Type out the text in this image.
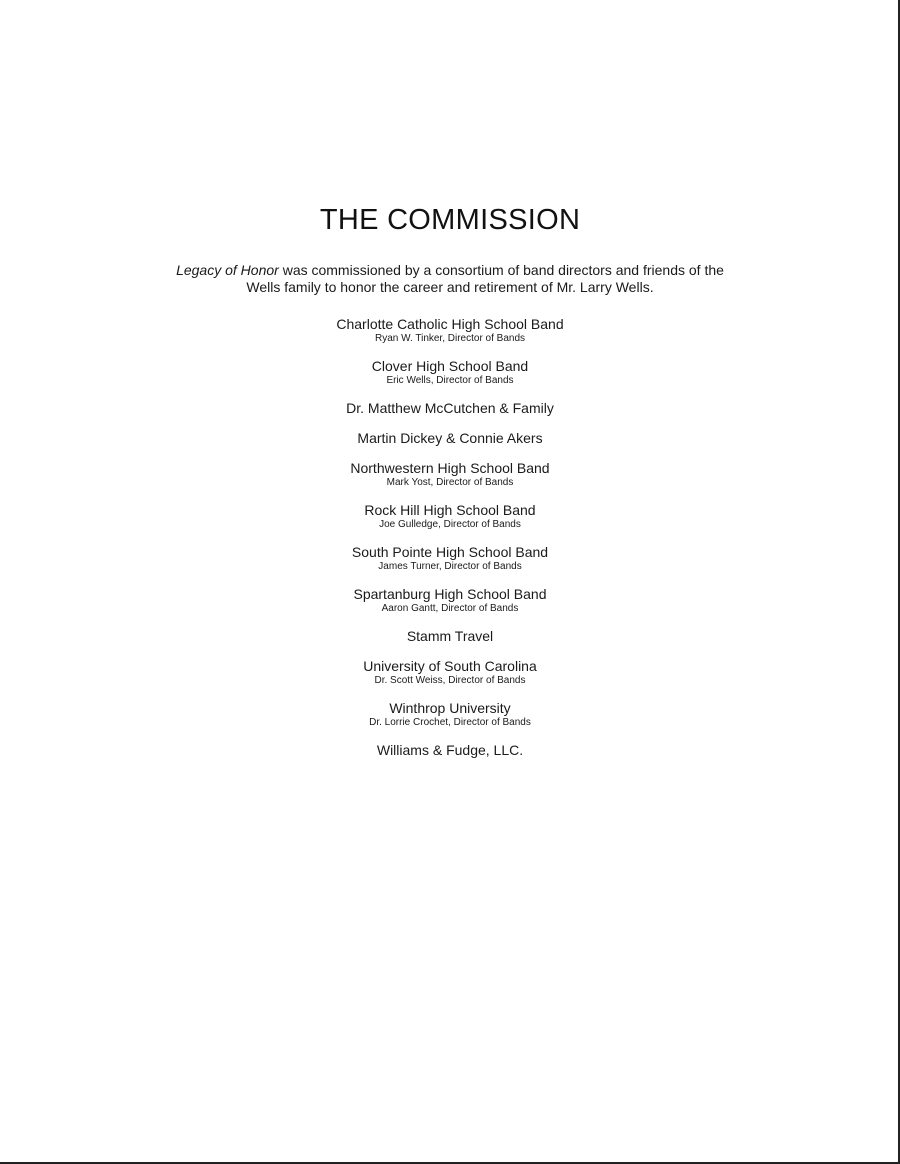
THE COMMISSION

Legacy of Honor was commissioned by a consortium of band directors and friends of the
Wells family to honor the career and retirement of Mr. Larry Wells.

Charlotte Catholic High School Band
Ryan W. Tinker, Director of Bands
Clover High School Band
Eric Wells, Director of Bands
Dr. Matthew McCutchen & Family
Martin Dickey & Connie Akers
Northwestern High School Band
Mark Yost, Director of Bands
Rock Hill High School Band
Joe Gulledge, Director of Bands
South Pointe High School Band
James Turner, Director of Bands
Spartanburg High School Band
Aaron Gantt, Director of Bands
Stamm Travel
University of South Carolina
Dr. Scott Weiss, Director of Bands
Winthrop University
Dr. Lorrie Crochet, Director of Bands
Williams & Fudge, LLC.
